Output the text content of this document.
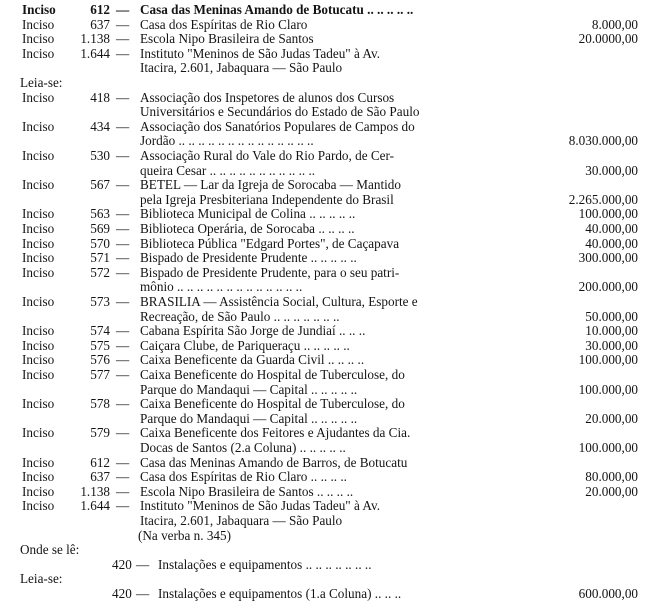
Inciso	612 — Casa das Meninas Amando de Botucatu .. .. .. .. ..
Inciso	637 — Casa dos Espíritas de Rio Claro	8.000,00
Inciso	1.138 — Escola Nipo Brasileira de Santos	20.0000,00
Inciso	1.644 — Instituto "Meninos de São Judas Tadeu" à Av.
Itacira, 2.601, Jabaquara — São Paulo
Leia-se:
Inciso	418 — Associação dos Inspetores de alunos dos Cursos
Universitários e Secundários do Estado de São Paulo
Inciso	434 — Associação dos Sanatórios Populares de Campos do
Jordão .. .. .. .. .. .. .. .. .. .. .. .. .. ..	8.030.000,00
Inciso	530 — Associação Rural do Vale do Rio Pardo, de Cer-
queira Cesar .. .. .. .. .. .. .. .. .. .. ..	30.000,00
Inciso	567 — BETEL — Lar da Igreja de Sorocaba — Mantido
pela Igreja Presbiteriana Independente do Brasil	2.265.000,00
Inciso	563 — Biblioteca Municipal de Colina .. .. .. .. ..	100.000,00
Inciso	569 — Biblioteca Operária, de Sorocaba .. .. .. ..	40.000,00
Inciso	570 — Biblioteca Pública "Edgard Portes", de Caçapava	40.000,00
Inciso	571 — Bispado de Presidente Prudente .. .. .. .. ..	300.000,00
Inciso	572 — Bispado de Presidente Prudente, para o seu patri-
mônio .. .. .. .. .. .. .. .. .. .. .. .. ..	200.000,00
Inciso	573 — BRASILIA — Assistência Social, Cultura, Esporte e
Recreação, de São Paulo .. .. .. .. .. .. ..	50.000,00
Inciso	574 — Cabana Espírita São Jorge de Jundiaí .. .. ..	10.000,00
Inciso	575 — Caiçara Clube, de Pariqueraçu .. .. .. .. ..	30.000,00
Inciso	576 — Caixa Beneficente da Guarda Civil .. .. .. ..	100.000,00
Inciso	577 — Caixa Beneficente do Hospital de Tuberculose, do
Parque do Mandaqui — Capital .. .. .. .. ..	100.000,00
Inciso	578 — Caixa Beneficente do Hospital de Tuberculose, do
Parque do Mandaqui — Capital .. .. .. .. ..	20.000,00
Inciso	579 — Caixa Beneficente dos Feitores e Ajudantes da Cia.
Docas de Santos (2.a Coluna) .. .. .. .. ..	100.000,00
Inciso	612 — Casa das Meninas Amando de Barros, de Botucatu
Inciso	637 — Casa dos Espíritas de Rio Claro .. .. .. ..	80.000,00
Inciso	1.138 — Escola Nipo Brasileira de Santos .. .. .. ..	20.000,00
Inciso	1.644 — Instituto "Meninos de São Judas Tadeu" à Av.
Itacira, 2.601, Jabaquara — São Paulo
(Na verba n. 345)
Onde se lê:
420 — Instalações e equipamentos .. .. .. .. .. .. ..
Leia-se:
420 — Instalações e equipamentos (1.a Coluna) .. .. ..	600.000,00
